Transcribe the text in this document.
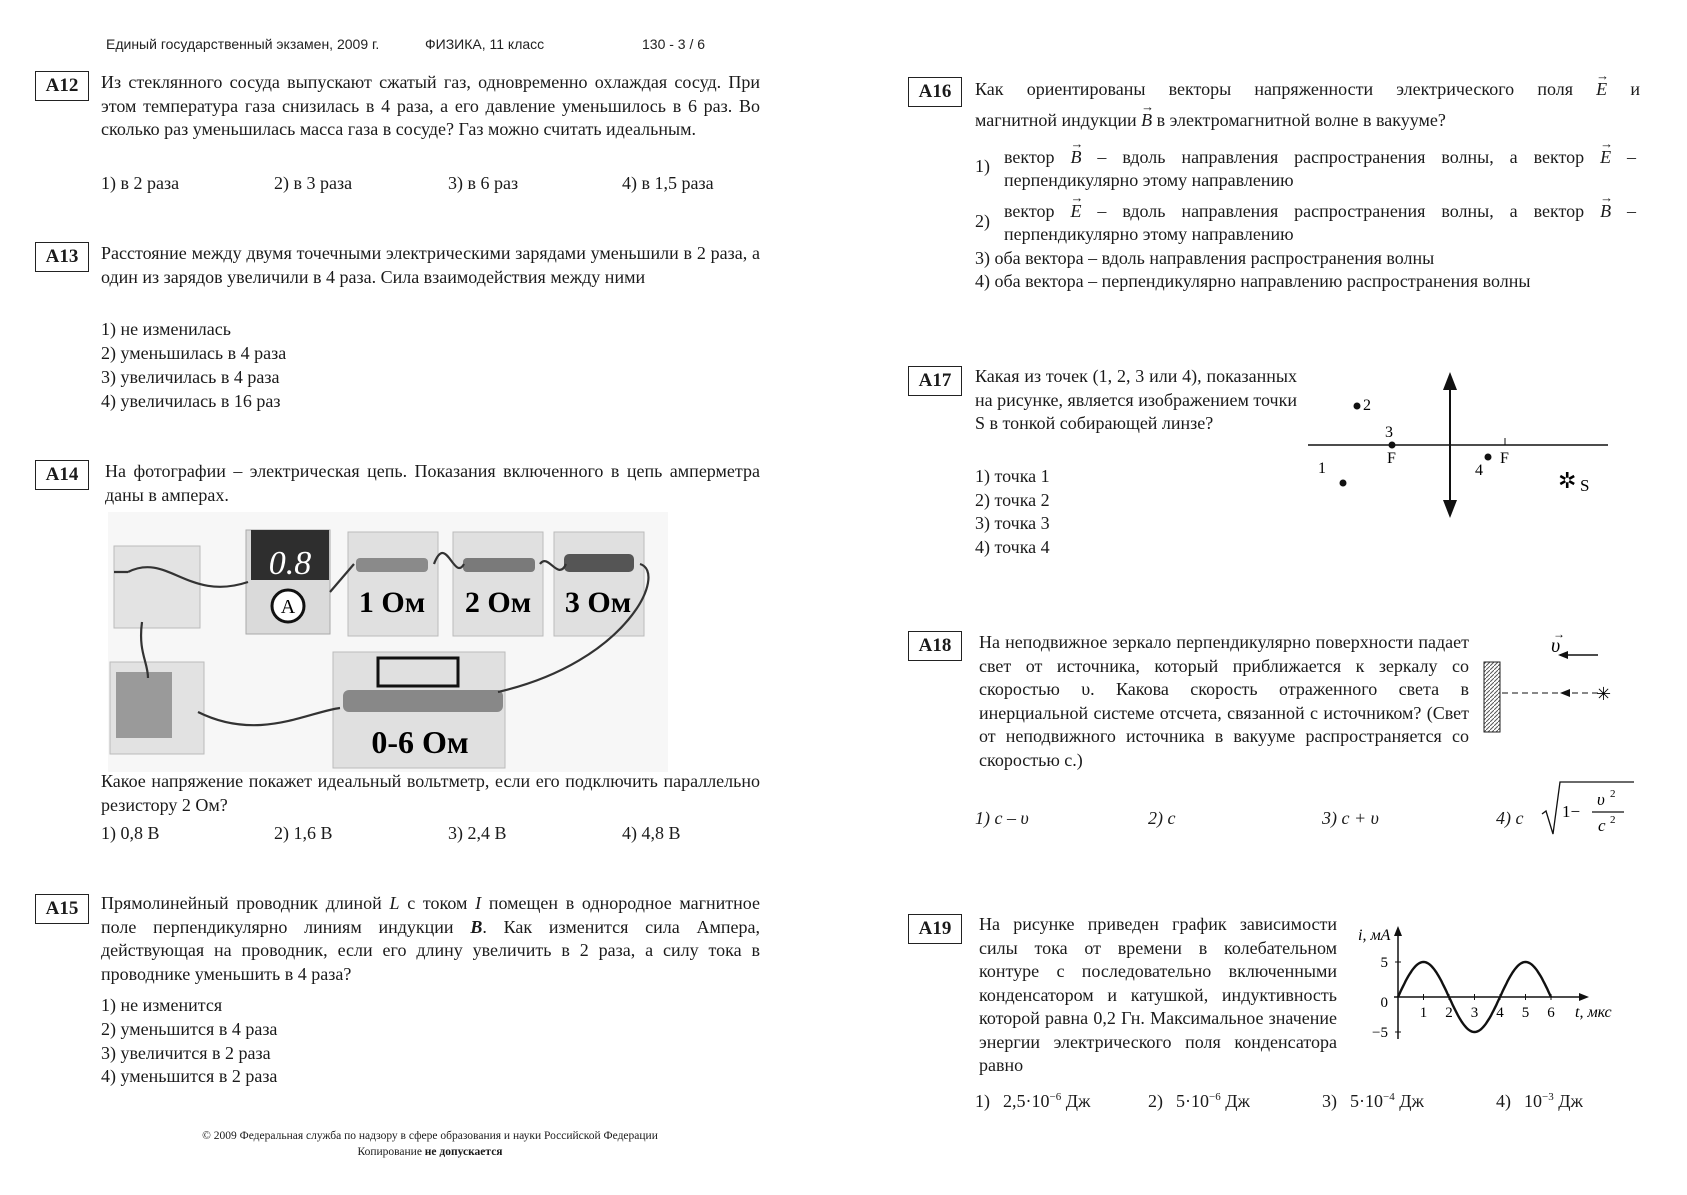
Единый государственный экзамен, 2009 г.	ФИЗИКА, 11 класс	130 - 3 / 6
A12	Из стеклянного сосуда выпускают сжатый газ, одновременно охлаждая сосуд. При этом температура газа снизилась в 4 раза, а его давление уменьшилось в 6 раз. Во сколько раз уменьшилась масса газа в сосуде? Газ можно считать идеальным.
1) в 2 раза	2) в 3 раза	3) в 6 раз	4) в 1,5 раза
A13	Расстояние между двумя точечными электрическими зарядами уменьшили в 2 раза, а один из зарядов увеличили в 4 раза. Сила взаимодействия между ними
1) не изменилась
2) уменьшилась в 4 раза
3) увеличилась в 4 раза
4) увеличилась в 16 раз
A14	На фотографии – электрическая цепь. Показания включенного в цепь амперметра даны в амперах.
0.8
A 1 Ом 2 Ом 3 Ом
0-6 Ом
Какое напряжение покажет идеальный вольтметр, если его подключить параллельно резистору 2 Ом?
1) 0,8 В	2) 1,6 В	3) 2,4 В	4) 4,8 В
A15	Прямолинейный проводник длиной L с током I помещен в однородное магнитное поле перпендикулярно линиям индукции B. Как изменится сила Ампера, действующая на проводник, если его длину увеличить в 2 раза, а силу тока в проводнике уменьшить в 4 раза?
1) не изменится
2) уменьшится в 4 раза
3) увеличится в 2 раза
4) уменьшится в 2 раза
© 2009 Федеральная служба по надзору в сфере образования и науки Российской Федерации
Копирование не допускается
A16	Как ориентированы векторы напряженности электрического поля → E и
магнитной индукции → B в электромагнитной волне в вакууме?
1) вектор → B – вдоль направления распространения волны, а вектор → E –
перпендикулярно этому направлению
2) вектор → E – вдоль направления распространения волны, а вектор → B –
перпендикулярно этому направлению
3) оба вектора – вдоль направления распространения волны
4) оба вектора – перпендикулярно направлению распространения волны
A17	Какая из точек (1, 2, 3 или 4), показанных на рисунке, является изображением точки S в тонкой собирающей линзе?
1) точка 1
2) точка 2
3) точка 3
4) точка 4
1
2
3
F
4
F
✲ S
A18	На неподвижное зеркало перпендикулярно поверхности падает свет от источника, который приближается к зеркалу со скоростью υ. Какова скорость отраженного света в инерциальной системе отсчета, связанной с источником? (Свет от неподвижного источника в вакууме распространяется со скоростью c.)
✳
υ
→
1) c – υ	2) c	3) c + υ	4) c 1−
υ 2
c 2
A19	На рисунке приведен график зависимости силы тока от времени в колебательном контуре с последовательно включенными конденсатором и катушкой, индуктивность которой равна 0,2 Гн. Максимальное значение энергии электрического поля конденсатора равно
5
0
−5
1 2 3 4 5 6
i, мА
t, мкс
1) $2,5\cdot 10^{-6}$ Дж	2) $5\cdot 10^{-6}$ Дж	3) $5\cdot 10^{-4}$ Дж	4) $10^{-3}$ Дж
